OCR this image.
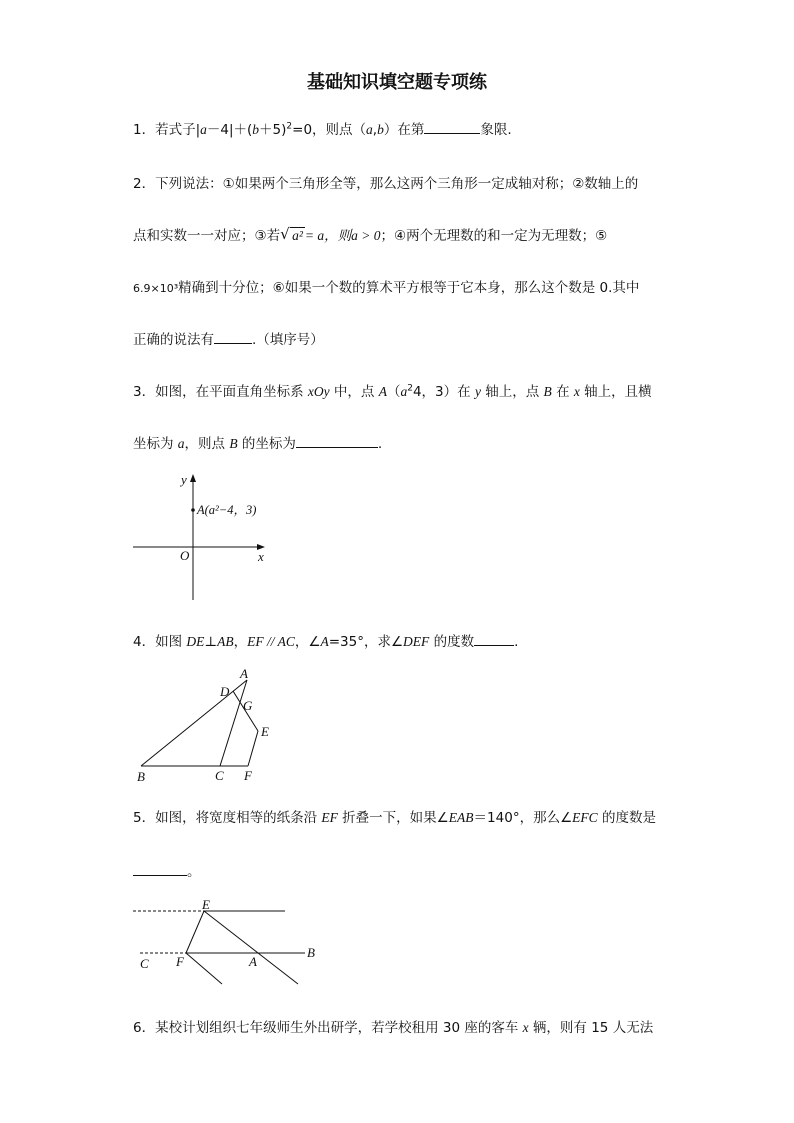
基础知识填空题专项练
1．若式子$|a-4|+(b+5)^2=0$，则点（a,b）在第	象限.
2．下列说法：①如果两个三角形全等，那么这两个三角形一定成轴对称；②数轴上的
点和实数一一对应；③若 √ a² = a，则a > 0；④两个无理数的和一定为无理数；⑤
6.9×10³精确到十分位；⑥如果一个数的算术平方根等于它本身，那么这个数是 0.其中
正确的说法有	.（填序号）
3．如图，在平面直角坐标系 xOy 中，点 $A(a^24$，3）在 y 轴上，点 B 在 x 轴上，且横
坐标为 a，则点 B 的坐标为	.
y
x
O
A(a²−4，3)
4．如图 DE⊥AB，EF // AC，∠A=35°，求∠DEF 的度数	.
A
D
G
E
B	C F
5．如图，将宽度相等的纸条沿 EF 折叠一下，如果∠EAB＝140°，那么∠EFC 的度数是
。
E
C F	A
B
6．某校计划组织七年级师生外出研学，若学校租用 30 座的客车 x 辆，则有 15 人无法
